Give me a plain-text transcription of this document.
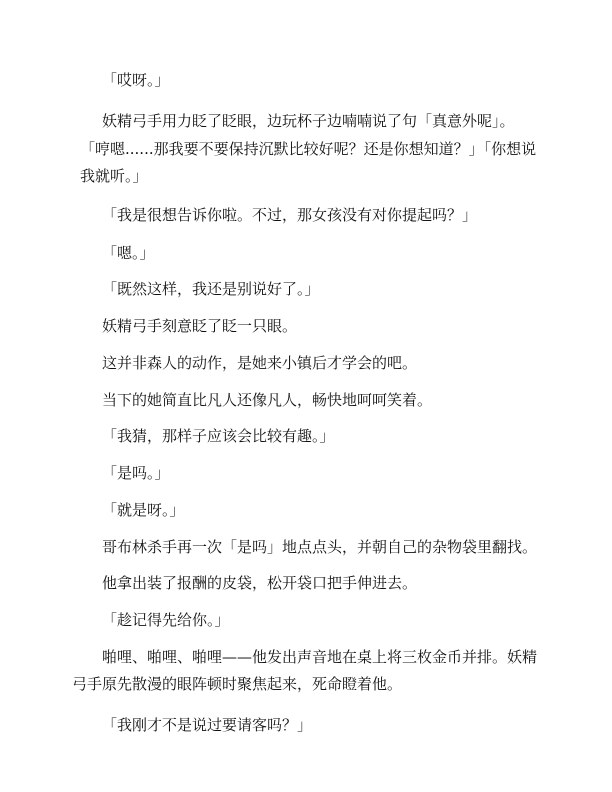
「哎呀。」

妖精弓手用力眨了眨眼，边玩杯子边喃喃说了句「真意外呢」。

「哼嗯......那我要不要保持沉默比较好呢？还是你想知道？」「你想说我就听。」

「我是很想告诉你啦。不过，那女孩没有对你提起吗？」

「嗯。」

「既然这样，我还是别说好了。」

妖精弓手刻意眨了眨一只眼。

这并非森人的动作，是她来小镇后才学会的吧。

当下的她简直比凡人还像凡人，畅快地呵呵笑着。

「我猜，那样子应该会比较有趣。」

「是吗。」

「就是呀。」

哥布林杀手再一次「是吗」地点点头，并朝自己的杂物袋里翻找。

他拿出装了报酬的皮袋，松开袋口把手伸进去。

「趁记得先给你。」

啪哩、啪哩、啪哩——他发出声音地在桌上将三枚金币并排。妖精弓手原先散漫的眼阵顿时聚焦起来，死命瞪着他。

「我刚才不是说过要请客吗？」
